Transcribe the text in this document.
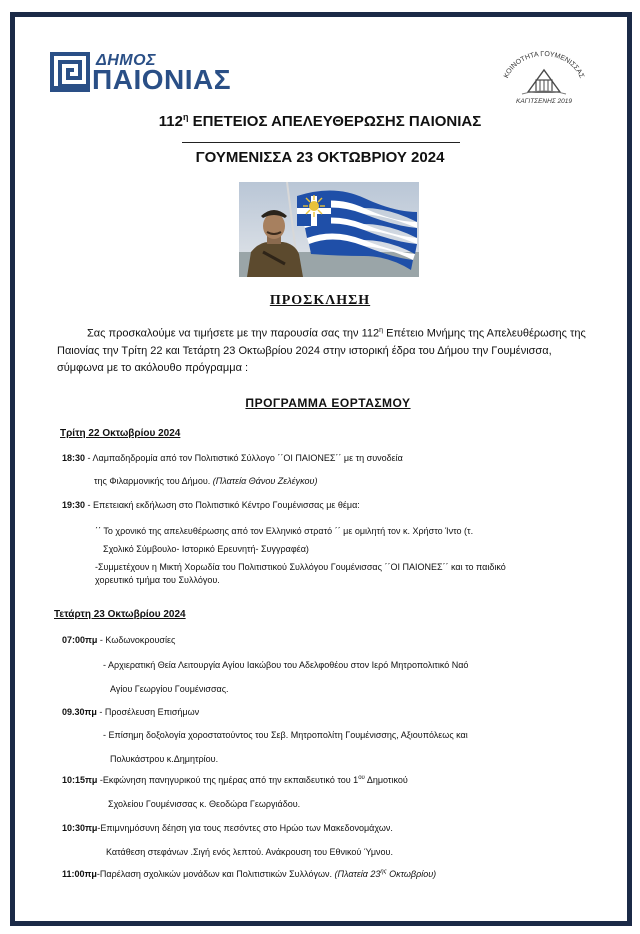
ΔΗΜΟΣ
ΠΑΙΟΝΙΑΣ	ΚΟΙΝΟΤΗΤΑ ΓΟΥΜΕΝΙΣΣΑΣ
ΚΑΓΙΤΣΕΝΗΣ 2019
$112^\eta$ ΕΠΕΤΕΙΟΣ ΑΠΕΛΕΥΘΕΡΩΣΗΣ ΠΑΙΟΝΙΑΣ
ΓΟΥΜΕΝΙΣΣΑ 23 ΟΚΤΩΒΡΙΟΥ 2024
ΠΡΟΣΚΛΗΣΗ
Σας προσκαλούμε να τιμήσετε με την παρουσία σας την $112^\eta$ Επέτειο Μνήμης της Απελευθέρωσης της
Παιονίας την Τρίτη 22 και Τετάρτη 23 Οκτωβρίου 2024 στην ιστορική έδρα του Δήμου την Γουμένισσα,
σύμφωνα με το ακόλουθο πρόγραμμα :
ΠΡΟΓΡΑΜΜΑ ΕΟΡΤΑΣΜΟΥ
Τρίτη 22 Οκτωβρίου 2024
18:30 - Λαμπαδηδρομία από τον Πολιτιστικό Σύλλογο ΄΄ΟΙ ΠΑΙΟΝΕΣ΄΄ με τη συνοδεία
της Φιλαρμονικής του Δήμου. (Πλατεία Θάνου Ζελέγκου)
19:30 - Επετειακή εκδήλωση στο Πολιτιστικό Κέντρο Γουμένισσας με θέμα:
΄΄ Το χρονικό της απελευθέρωσης από τον Ελληνικό στρατό ΄΄ με ομιλητή τον κ. Χρήστο Ίντο (τ.
Σχολικό Σύμβουλο- Ιστορικό Ερευνητή- Συγγραφέα)
-Συμμετέχουν η Μικτή Χορωδία του Πολιτιστικού Συλλόγου Γουμένισσας ΄΄ΟΙ ΠΑΙΟΝΕΣ΄΄ και το παιδικό
χορευτικό τμήμα του Συλλόγου.
Τετάρτη 23 Οκτωβρίου 2024
07:00πμ - Κωδωνοκρουσίες
- Αρχιερατική Θεία Λειτουργία Αγίου Ιακώβου του Αδελφοθέου στον Ιερό Μητροπολιτικό Ναό
Αγίου Γεωργίου Γουμένισσας.
09.30πμ - Προσέλευση Επισήμων
- Επίσημη δοξολογία χοροστατούντος του Σεβ. Μητροπολίτη Γουμένισσης, Αξιουπόλεως και
Πολυκάστρου κ.Δημητρίου.
10:15πμ -Εκφώνηση πανηγυρικού της ημέρας από την εκπαιδευτικό του $1^{o\upsilon}$ Δημοτικού
Σχολείου Γουμένισσας κ. Θεοδώρα Γεωργιάδου.
10:30πμ-Επιμνημόσυνη δέηση για τους πεσόντες στο Ηρώο των Μακεδονομάχων.
Κατάθεση στεφάνων .Σιγή ενός λεπτού. Ανάκρουση του Εθνικού Ύμνου.
11:00πμ-Παρέλαση σχολικών μονάδων και Πολιτιστικών Συλλόγων. (Πλατεία $23^{\eta\varsigma}$ Οκτωβρίου)
